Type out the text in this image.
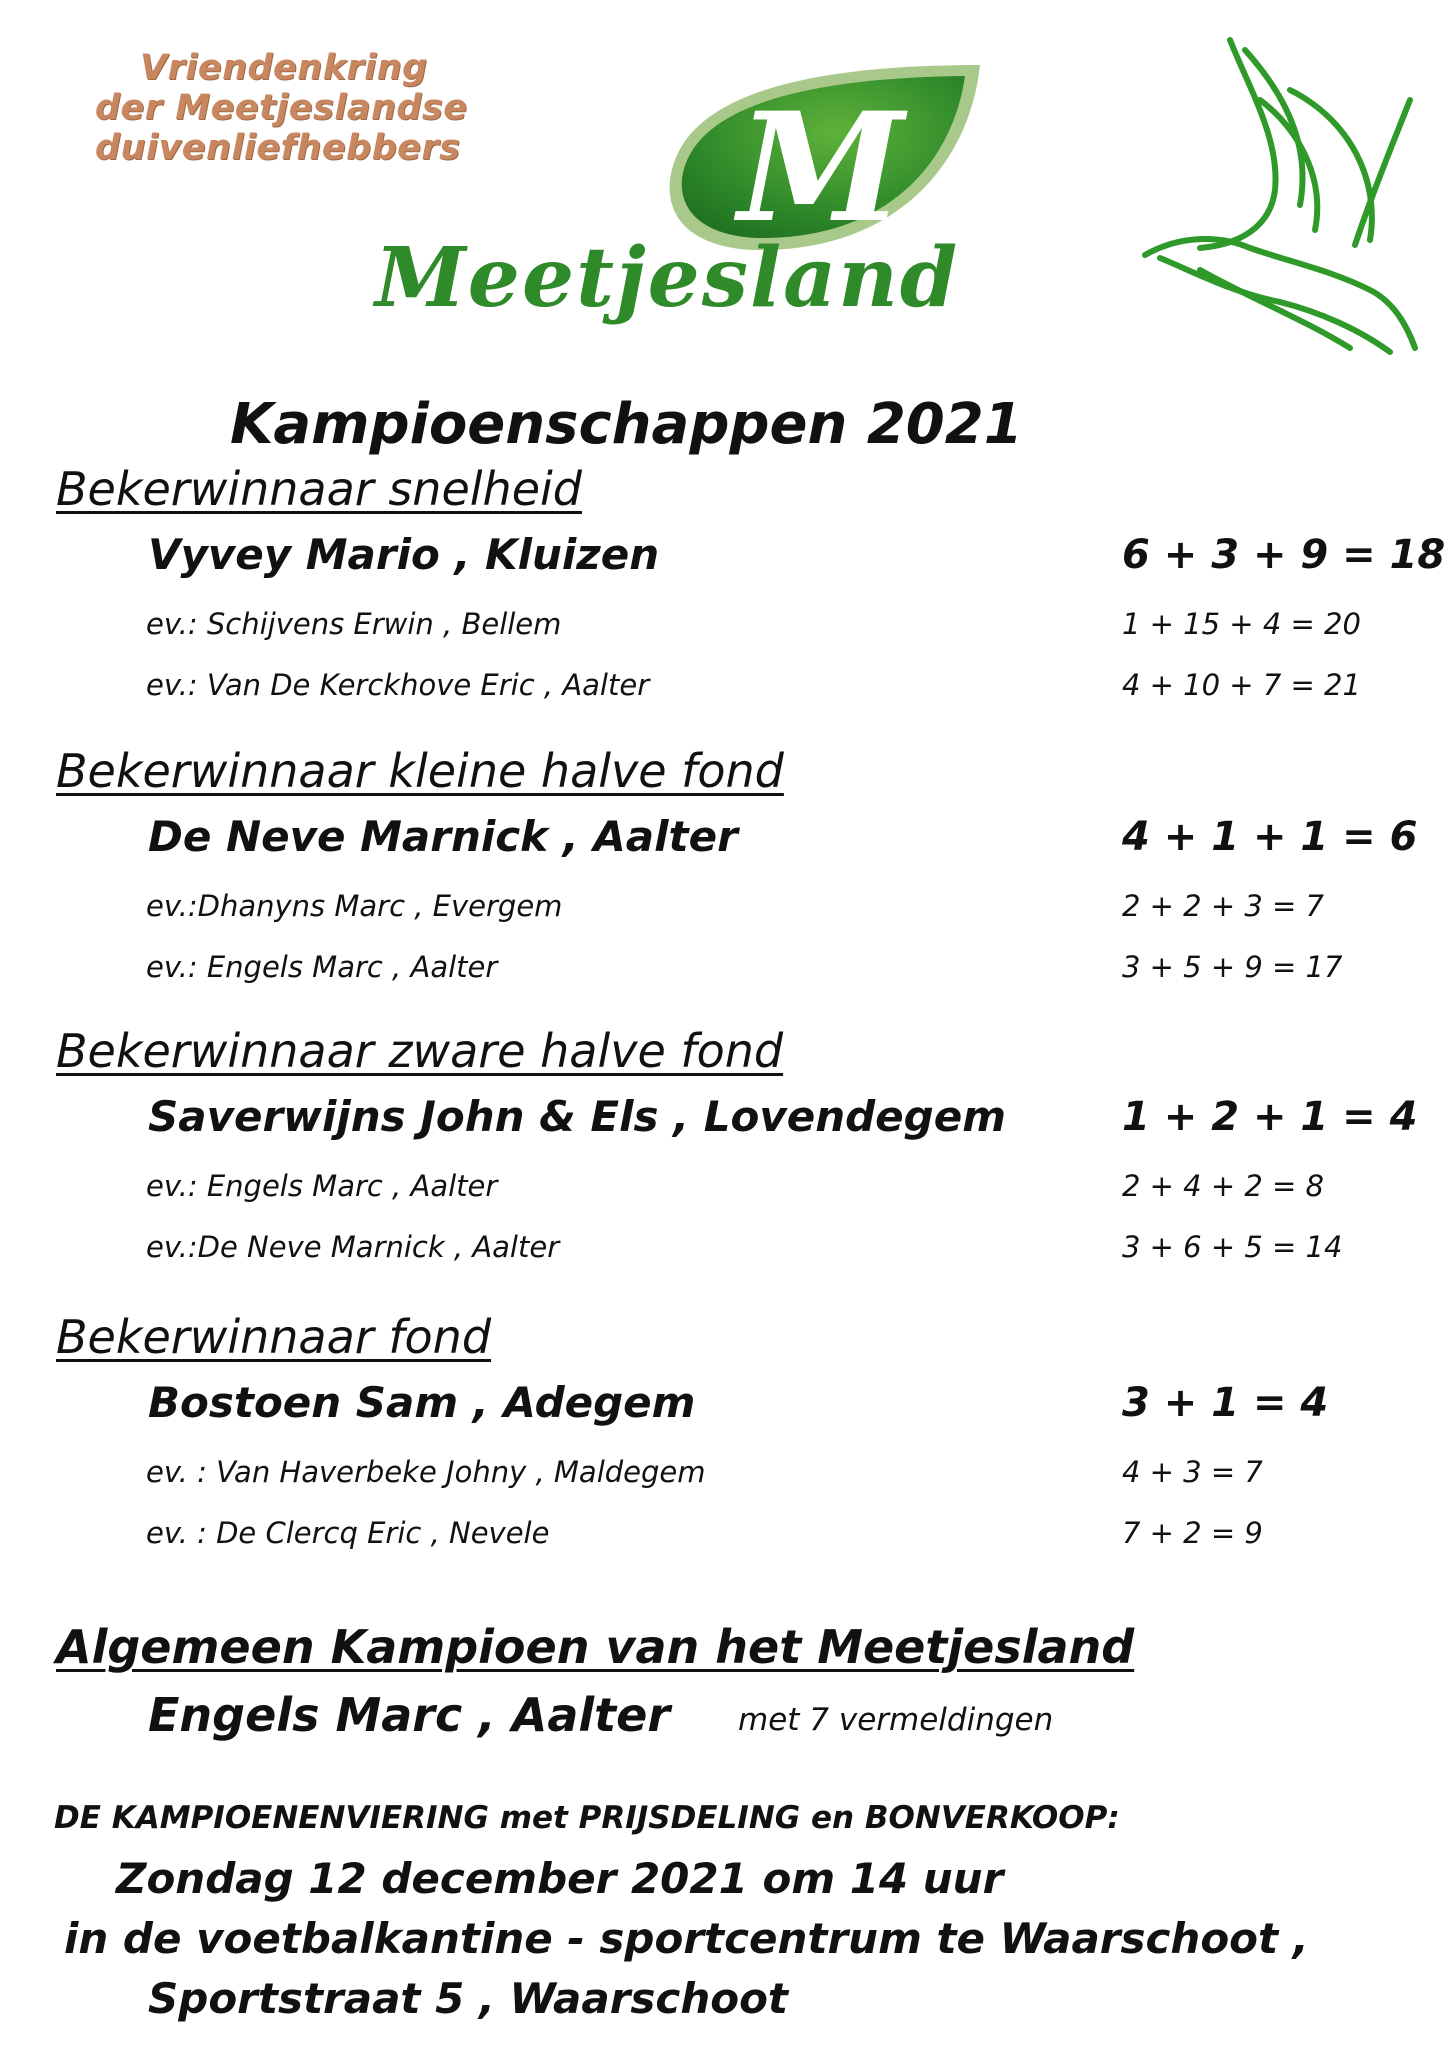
Vriendenkring
der Meetjeslandse
duivenliefhebbers M
Meetjesland
Kampioenschappen 2021
Bekerwinnaar snelheid
Vyvey Mario , Kluizen	6 + 3 + 9 = 18
ev.: Schijvens Erwin , Bellem	1 + 15 + 4 = 20
ev.: Van De Kerckhove Eric , Aalter	4 + 10 + 7 = 21
Bekerwinnaar kleine halve fond
De Neve Marnick , Aalter	4 + 1 + 1 = 6
ev.:Dhanyns Marc , Evergem	2 + 2 + 3 = 7
ev.: Engels Marc , Aalter	3 + 5 + 9 = 17
Bekerwinnaar zware halve fond
Saverwijns John & Els , Lovendegem	1 + 2 + 1 = 4
ev.: Engels Marc , Aalter	2 + 4 + 2 = 8
ev.:De Neve Marnick , Aalter	3 + 6 + 5 = 14
Bekerwinnaar fond
Bostoen Sam , Adegem	3 + 1 = 4
ev. : Van Haverbeke Johny , Maldegem	4 + 3 = 7
ev. : De Clercq Eric , Nevele	7 + 2 = 9
Algemeen Kampioen van het Meetjesland
Engels Marc , Aalter met 7 vermeldingen
DE KAMPIOENENVIERING met PRIJSDELING en BONVERKOOP:
Zondag 12 december 2021 om 14 uur
in de voetbalkantine - sportcentrum te Waarschoot ,
Sportstraat 5 , Waarschoot
